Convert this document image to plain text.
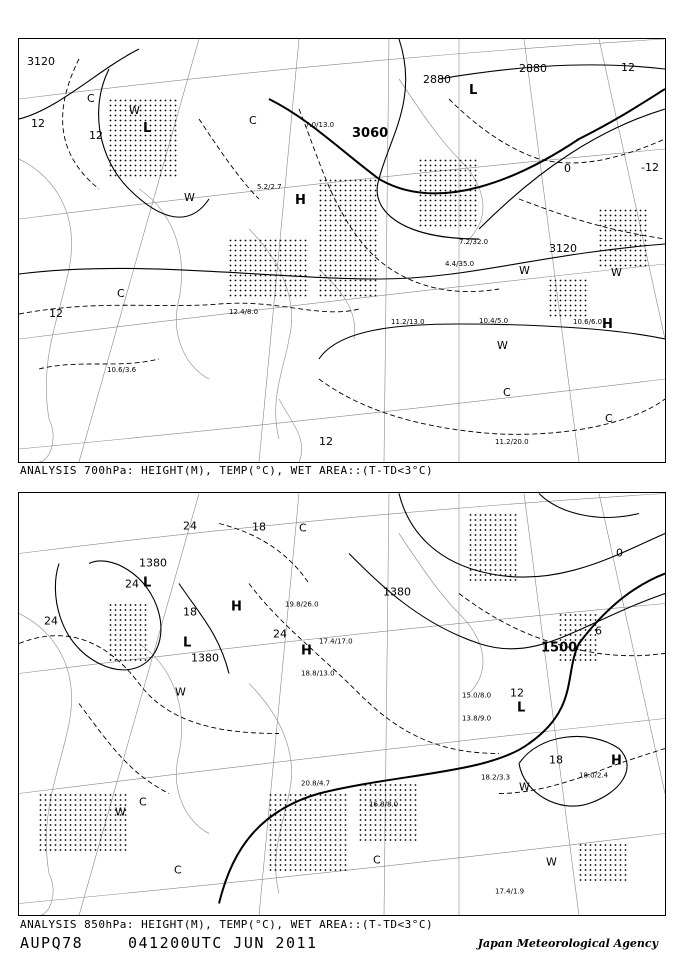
3120
3060
2880
2880
3120
12
12
12
0	-12
12
12
L
L
H
H
W
W
W	W
W
C
C
C
C
C
7.0/13.0
5.2/2.7
11.2/20.0
10.6/6.0
11.2/13.0	10.4/5.0
12.4/8.0
10.6/3.6
7.2/32.0
4.4/35.0
ANALYSIS 700hPa: HEIGHT(M), TEMP(°C), WET AREA::(T-TD<3°C)
1380
1380
1380
1500
24
24
24
24
18
18
18
12
0
6
L
L
L
H
H
H
W
W
W
W
C
C
C
C
19.8/26.0
17.4/17.0
18.8/13.0
15.0/8.0
13.8/9.0
18.2/3.3	18.0/2.4
16.8/8.0
17.4/1.9
20.8/4.7
ANALYSIS 850hPa: HEIGHT(M), TEMP(°C), WET AREA::(T-TD<3°C)
AUPQ78	041200UTC JUN 2011	Japan Meteorological Agency
